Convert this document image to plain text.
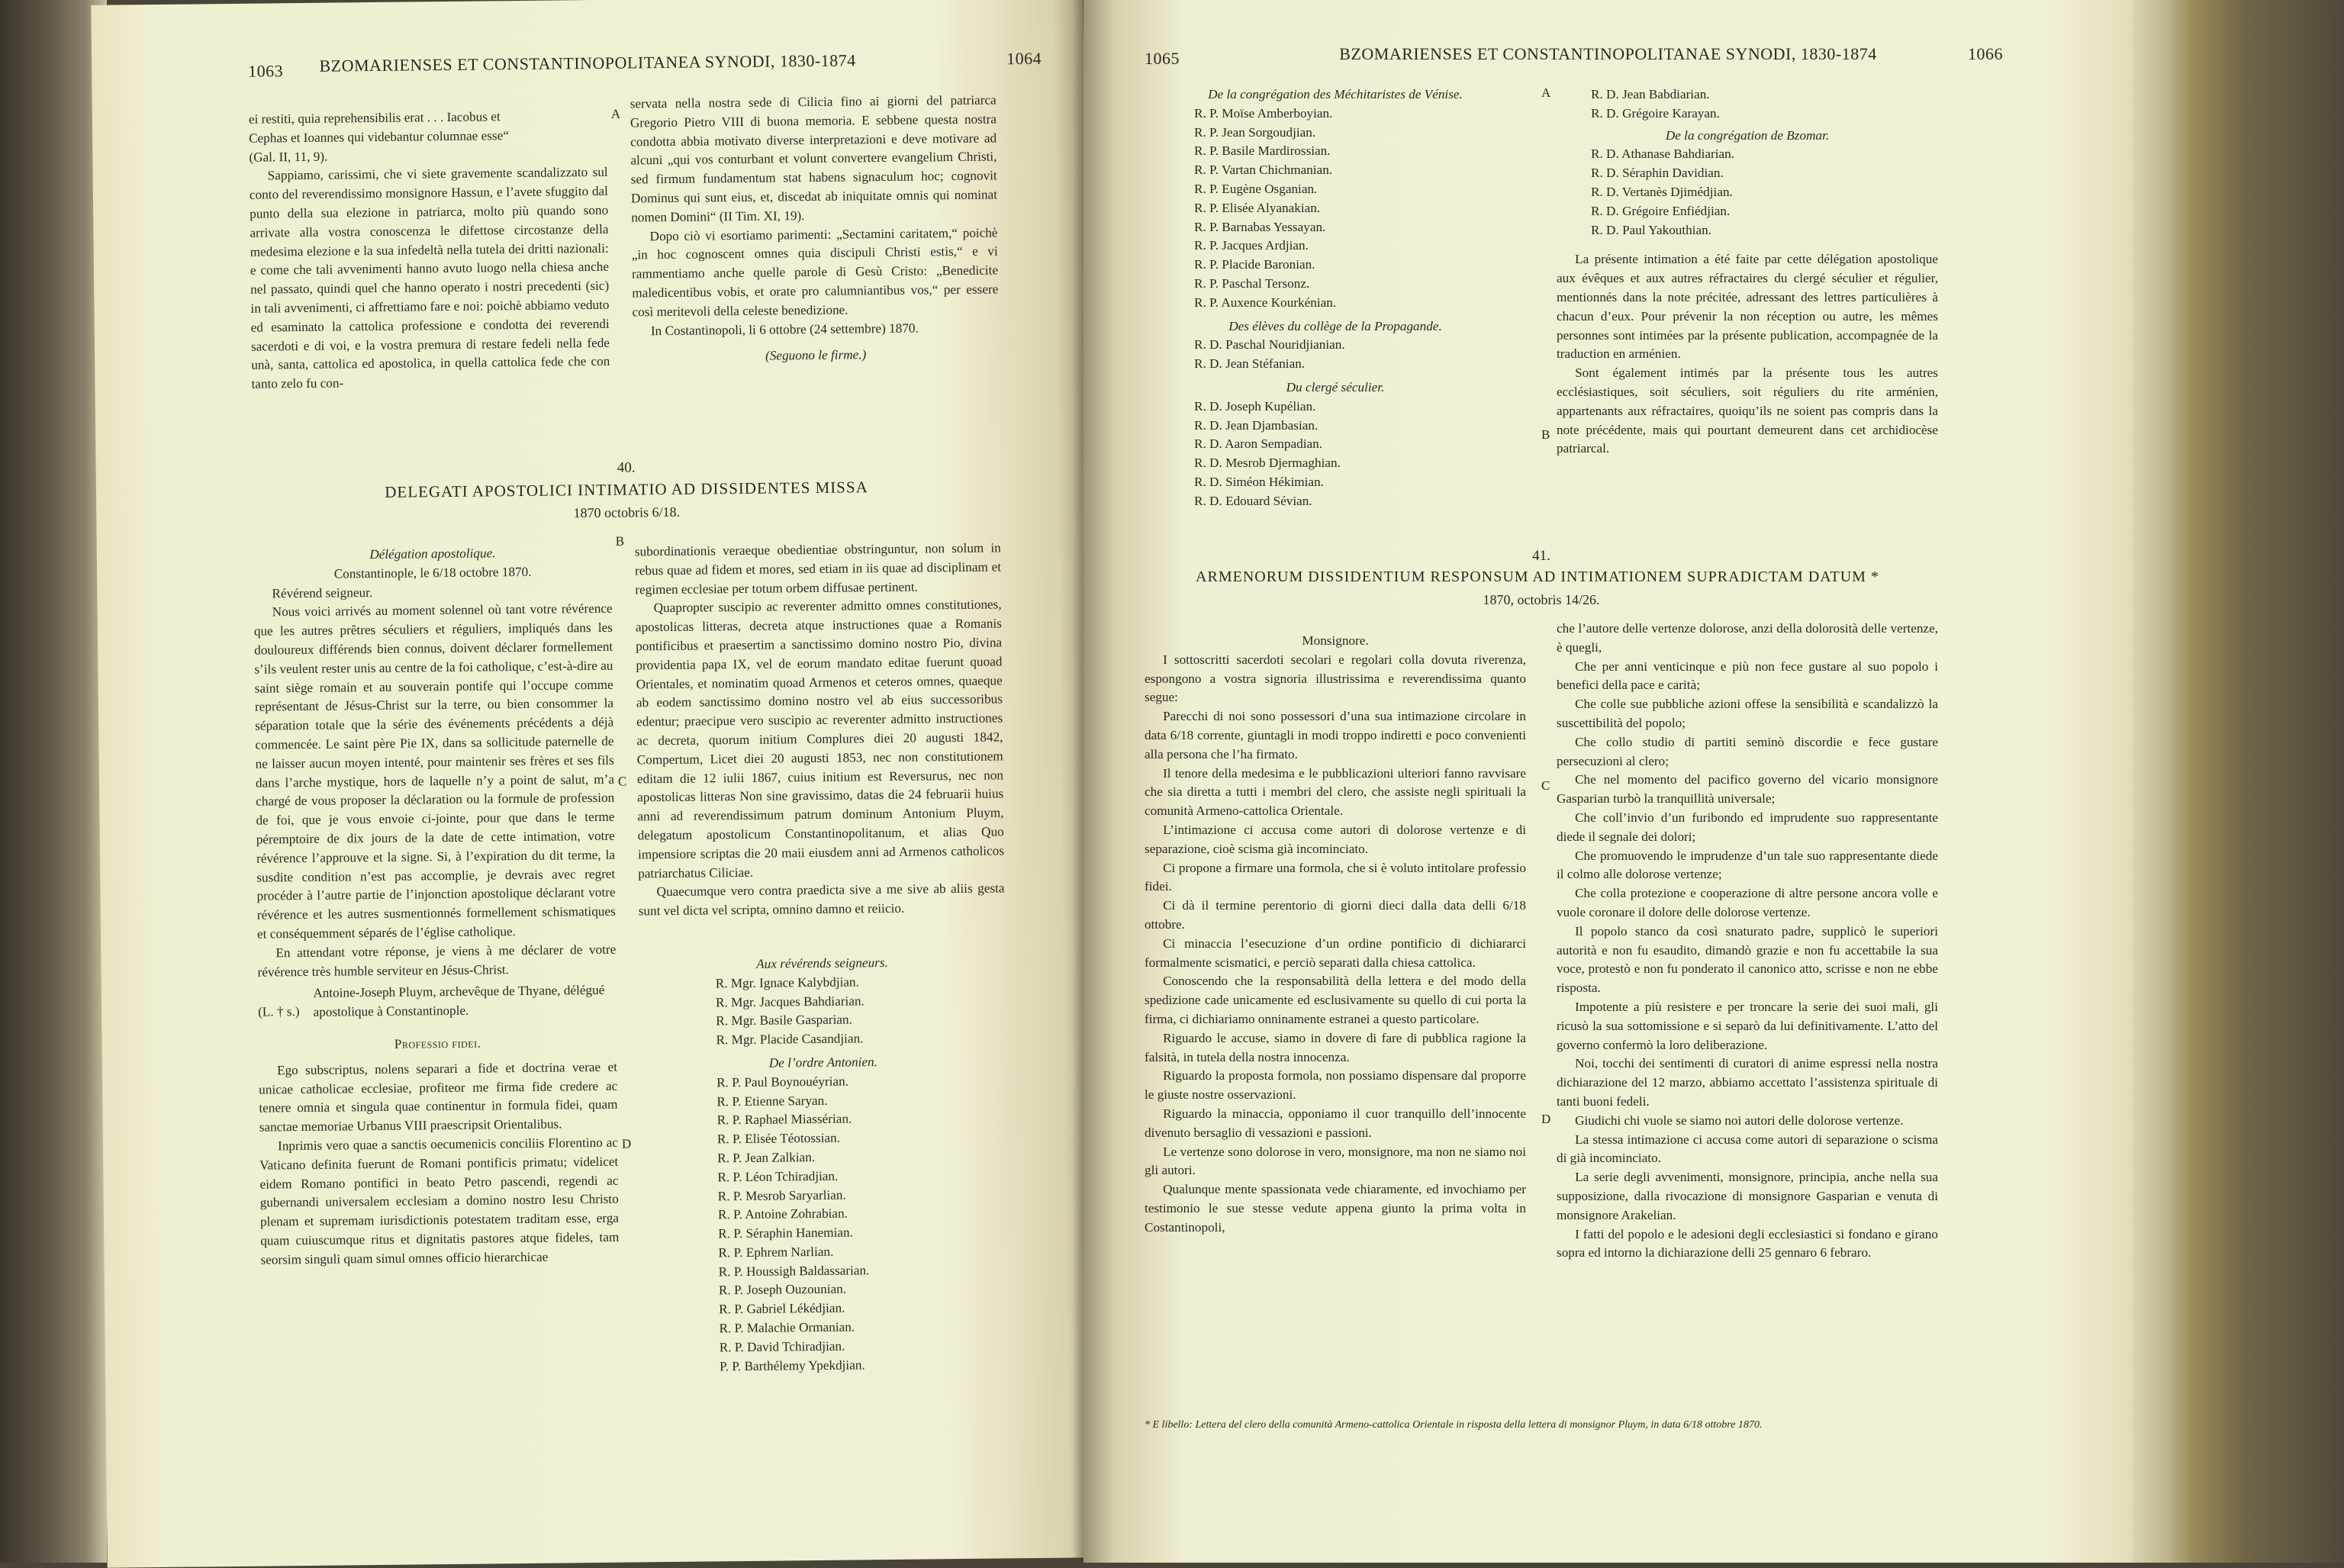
1063	BZOMARIENSES ET CONSTANTINOPOLITANEA SYNODI, 1830-1874	1064

ei restiti, quia reprehensibilis erat . . . Iacobus et

Cephas et Ioannes qui videbantur columnae esse“

(Gal. II, 11, 9).

Sappiamo, carissimi, che vi siete gravemente scandalizzato sul conto del reverendissimo monsignore Hassun, e l’avete sfuggito dal punto della sua elezione in patriarca, molto più quando sono arrivate alla vostra conoscenza le difettose circostanze della medesima elezione e la sua infedeltà nella tutela dei dritti nazionali: e come che tali avvenimenti hanno avuto luogo nella chiesa anche nel passato, quindi quel che hanno operato i nostri precedenti (sic) in tali avvenimenti, ci affrettiamo fare e noi: poichè abbiamo veduto ed esaminato la cattolica professione e condotta dei reverendi sacerdoti e di voi, e la vostra premura di restare fedeli nella fede unà, santa, cattolica ed apostolica, in quella cattolica fede che con tanto zelo fu con-

A

servata nella nostra sede di Cilicia fino ai giorni del patriarca Gregorio Pietro VIII di buona memoria. E sebbene questa nostra condotta abbia motivato diverse interpretazioni e deve motivare ad alcuni „qui vos conturbant et volunt convertere evangelium Christi, sed firmum fundamentum stat habens signaculum hoc; cognovit Dominus qui sunt eius, et, discedat ab iniquitate omnis qui nominat nomen Domini“ (II Tim. XI, 19).

Dopo ciò vi esortiamo parimenti: „Sectamini caritatem,“ poichè „in hoc cognoscent omnes quia discipuli Christi estis,“ e vi rammentiamo anche quelle parole di Gesù Cristo: „Benedicite maledicentibus vobis, et orate pro calumniantibus vos,“ per essere così meritevoli della celeste benedizione.

In Costantinopoli, li 6 ottobre (24 settembre) 1870.

(Seguono le firme.)

40.
DELEGATI APOSTOLICI INTIMATIO AD DISSIDENTES MISSA
1870 octobris 6/18.

Délégation apostolique.

Constantinople, le 6/18 octobre 1870.

Révérend seigneur.

Nous voici arrivés au moment solennel où tant votre révérence que les autres prêtres séculiers et réguliers, impliqués dans les douloureux différends bien connus, doivent déclarer formellement s’ils veulent rester unis au centre de la foi catholique, c’est-à-dire au saint siège romain et au souverain pontife qui l’occupe comme représentant de Jésus-Christ sur la terre, ou bien consommer la séparation totale que la série des événements précédents a déjà commencée. Le saint père Pie IX, dans sa sollicitude paternelle de ne laisser aucun moyen intenté, pour maintenir ses frères et ses fils dans l’arche mystique, hors de laquelle n’y a point de salut, m’a chargé de vous proposer la déclaration ou la formule de profession de foi, que je vous envoie ci-jointe, pour que dans le terme péremptoire de dix jours de la date de cette intimation, votre révérence l’approuve et la signe. Si, à l’expiration du dit terme, la susdite condition n’est pas accomplie, je devrais avec regret procéder à l’autre partie de l’injonction apostolique déclarant votre révérence et les autres susmentionnés formellement schismatiques et conséquemment séparés de l’église catholique.

En attendant votre réponse, je viens à me déclarer de votre révérence très humble serviteur en Jésus-Christ.

(L. † s.)
Antoine-Joseph Pluym, archevêque de Thyane, délégué apostolique à Constantinople.

Professio fidei.

Ego subscriptus, nolens separari a fide et doctrina verae et unicae catholicae ecclesiae, profiteor me firma fide credere ac tenere omnia et singula quae continentur in formula fidei, quam sanctae memoriae Urbanus VIII praescripsit Orientalibus.

Inprimis vero quae a sanctis oecumenicis conciliis Florentino ac Vaticano definita fuerunt de Romani pontificis primatu; videlicet eidem Romano pontifici in beato Petro pascendi, regendi ac gubernandi universalem ecclesiam a domino nostro Iesu Christo plenam et supremam iurisdictionis potestatem traditam esse, erga quam cuiuscumque ritus et dignitatis pastores atque fideles, tam seorsim singuli quam simul omnes officio hierarchicae

B
C
D

subordinationis veraeque obedientiae obstringuntur, non solum in rebus quae ad fidem et mores, sed etiam in iis quae ad disciplinam et regimen ecclesiae per totum orbem diffusae pertinent.

Quapropter suscipio ac reverenter admitto omnes constitutiones, apostolicas litteras, decreta atque instructiones quae a Romanis pontificibus et praesertim a sanctissimo domino nostro Pio, divina providentia papa IX, vel de eorum mandato editae fuerunt quoad Orientales, et nominatim quoad Armenos et ceteros omnes, quaeque ab eodem sanctissimo domino nostro vel ab eius successoribus edentur; praecipue vero suscipio ac reverenter admitto instructiones ac decreta, quorum initium Complures diei 20 augusti 1842, Compertum, Licet diei 20 augusti 1853, nec non constitutionem editam die 12 iulii 1867, cuius initium est Reversurus, nec non apostolicas litteras Non sine gravissimo, datas die 24 februarii huius anni ad reverendissimum patrum dominum Antonium Pluym, delegatum apostolicum Constantinopolitanum, et alias Quo impensiore scriptas die 20 maii eiusdem anni ad Armenos catholicos patriarchatus Ciliciae.

Quaecumque vero contra praedicta sive a me sive ab aliis gesta sunt vel dicta vel scripta, omnino damno et reiicio.

Aux révérends seigneurs.

R. Mgr. Ignace Kalybdjian.
R. Mgr. Jacques Bahdiarian.
R. Mgr. Basile Gasparian.
R. Mgr. Placide Casandjian.

De l’ordre Antonien.

R. P. Paul Boynouéyrian.
R. P. Etienne Saryan.
R. P. Raphael Miassérian.
R. P. Elisée Téotossian.
R. P. Jean Zalkian.
R. P. Léon Tchiradjian.
R. P. Mesrob Saryarlian.
R. P. Antoine Zohrabian.
R. P. Séraphin Hanemian.
R. P. Ephrem Narlian.
R. P. Houssigh Baldassarian.
R. P. Joseph Ouzounian.
R. P. Gabriel Lékédjian.
R. P. Malachie Ormanian.
R. P. David Tchiradjian.
P. P. Barthélemy Ypekdjian.
1065	BZOMARIENSES ET CONSTANTINOPOLITANAE SYNODI, 1830-1874	1066

De la congrégation des Méchitaristes de Vénise.

R. P. Moïse Amberboyian.
R. P. Jean Sorgoudjian.
R. P. Basile Mardirossian.
R. P. Vartan Chichmanian.
R. P. Eugène Osganian.
R. P. Elisée Alyanakian.
R. P. Barnabas Yessayan.
R. P. Jacques Ardjian.
R. P. Placide Baronian.
R. P. Paschal Tersonz.
R. P. Auxence Kourkénian.

Des élèves du collège de la Propagande.

R. D. Paschal Nouridjianian.
R. D. Jean Stéfanian.

Du clergé séculier.

R. D. Joseph Kupélian.
R. D. Jean Djambasian.
R. D. Aaron Sempadian.
R. D. Mesrob Djermaghian.
R. D. Siméon Hékimian.
R. D. Edouard Sévian.
A
B
R. D. Jean Babdiarian.
R. D. Grégoire Karayan.

De la congrégation de Bzomar.

R. D. Athanase Bahdiarian.
R. D. Séraphin Davidian.
R. D. Vertanès Djimédjian.
R. D. Grégoire Enfiédjian.
R. D. Paul Yakouthian.

La présente intimation a été faite par cette délégation apostolique aux évêques et aux autres réfractaires du clergé séculier et régulier, mentionnés dans la note précitée, adressant des lettres particulières à chacun d’eux. Pour prévenir la non réception ou autre, les mêmes personnes sont intimées par la présente publication, accompagnée de la traduction en arménien.

Sont également intimés par la présente tous les autres ecclésiastiques, soit séculiers, soit réguliers du rite arménien, appartenants aux réfractaires, quoiqu’ils ne soient pas compris dans la note précédente, mais qui pourtant demeurent dans cet archidiocèse patriarcal.

41.
ARMENORUM DISSIDENTIUM RESPONSUM AD INTIMATIONEM SUPRADICTAM DATUM *
1870, octobris 14/26.

Monsignore.

I sottoscritti sacerdoti secolari e regolari colla dovuta riverenza, espongono a vostra signoria illustrissima e reverendissima quanto segue:

Parecchi di noi sono possessori d’una sua intimazione circolare in data 6/18 corrente, giuntagli in modi troppo indiretti e poco convenienti alla persona che l’ha firmato.

Il tenore della medesima e le pubblicazioni ulteriori fanno ravvisare che sia diretta a tutti i membri del clero, che assiste negli spirituali la comunità Armeno-cattolica Orientale.

L’intimazione ci accusa come autori di dolorose vertenze e di separazione, cioè scisma già incominciato.

Ci propone a firmare una formola, che si è voluto intitolare professio fidei.

Ci dà il termine perentorio di giorni dieci dalla data delli 6/18 ottobre.

Ci minaccia l’esecuzione d’un ordine pontificio di dichiararci formalmente scismatici, e perciò separati dalla chiesa cattolica.

Conoscendo che la responsabilità della lettera e del modo della spedizione cade unicamente ed esclusivamente su quello di cui porta la firma, ci dichiariamo onninamente estranei a questo particolare.

Riguardo le accuse, siamo in dovere di fare di pubblica ragione la falsità, in tutela della nostra innocenza.

Riguardo la proposta formola, non possiamo dispensare dal proporre le giuste nostre osservazioni.

Riguardo la minaccia, opponiamo il cuor tranquillo dell’innocente divenuto bersaglio di vessazioni e passioni.

Le vertenze sono dolorose in vero, monsignore, ma non ne siamo noi gli autori.

Qualunque mente spassionata vede chiaramente, ed invochiamo per testimonio le sue stesse vedute appena giunto la prima volta in Costantinopoli,

C
D

che l’autore delle vertenze dolorose, anzi della dolorosità delle vertenze, è quegli,

Che per anni venticinque e più non fece gustare al suo popolo i benefici della pace e carità;

Che colle sue pubbliche azioni offese la sensibilità e scandalizzò la suscettibilità del popolo;

Che collo studio di partiti seminò discordie e fece gustare persecuzioni al clero;

Che nel momento del pacifico governo del vicario monsignore Gasparian turbò la tranquillità universale;

Che coll’invio d’un furibondo ed imprudente suo rappresentante diede il segnale dei dolori;

Che promuovendo le imprudenze d’un tale suo rappresentante diede il colmo alle dolorose vertenze;

Che colla protezione e cooperazione di altre persone ancora volle e vuole coronare il dolore delle dolorose vertenze.

Il popolo stanco da così snaturato padre, supplicò le superiori autorità e non fu esaudito, dimandò grazie e non fu accettabile la sua voce, protestò e non fu ponderato il canonico atto, scrisse e non ne ebbe risposta.

Impotente a più resistere e per troncare la serie dei suoi mali, gli ricusò la sua sottomissione e si separò da lui definitivamente. L’atto del governo confermò la loro deliberazione.

Noi, tocchi dei sentimenti di curatori di anime espressi nella nostra dichiarazione del 12 marzo, abbiamo accettato l’assistenza spirituale di tanti buoni fedeli.

Giudichi chi vuole se siamo noi autori delle dolorose vertenze.

La stessa intimazione ci accusa come autori di separazione o scisma di già incominciato.

La serie degli avvenimenti, monsignore, principia, anche nella sua supposizione, dalla rivocazione di monsignore Gasparian e venuta di monsignore Arakelian.

I fatti del popolo e le adesioni degli ecclesiastici si fondano e girano sopra ed intorno la dichiarazione delli 25 gennaro 6 febraro.

* E libello: Lettera del clero della comunità Armeno-cattolica Orientale in risposta della lettera di monsignor Pluym, in data 6/18 ottobre 1870.
